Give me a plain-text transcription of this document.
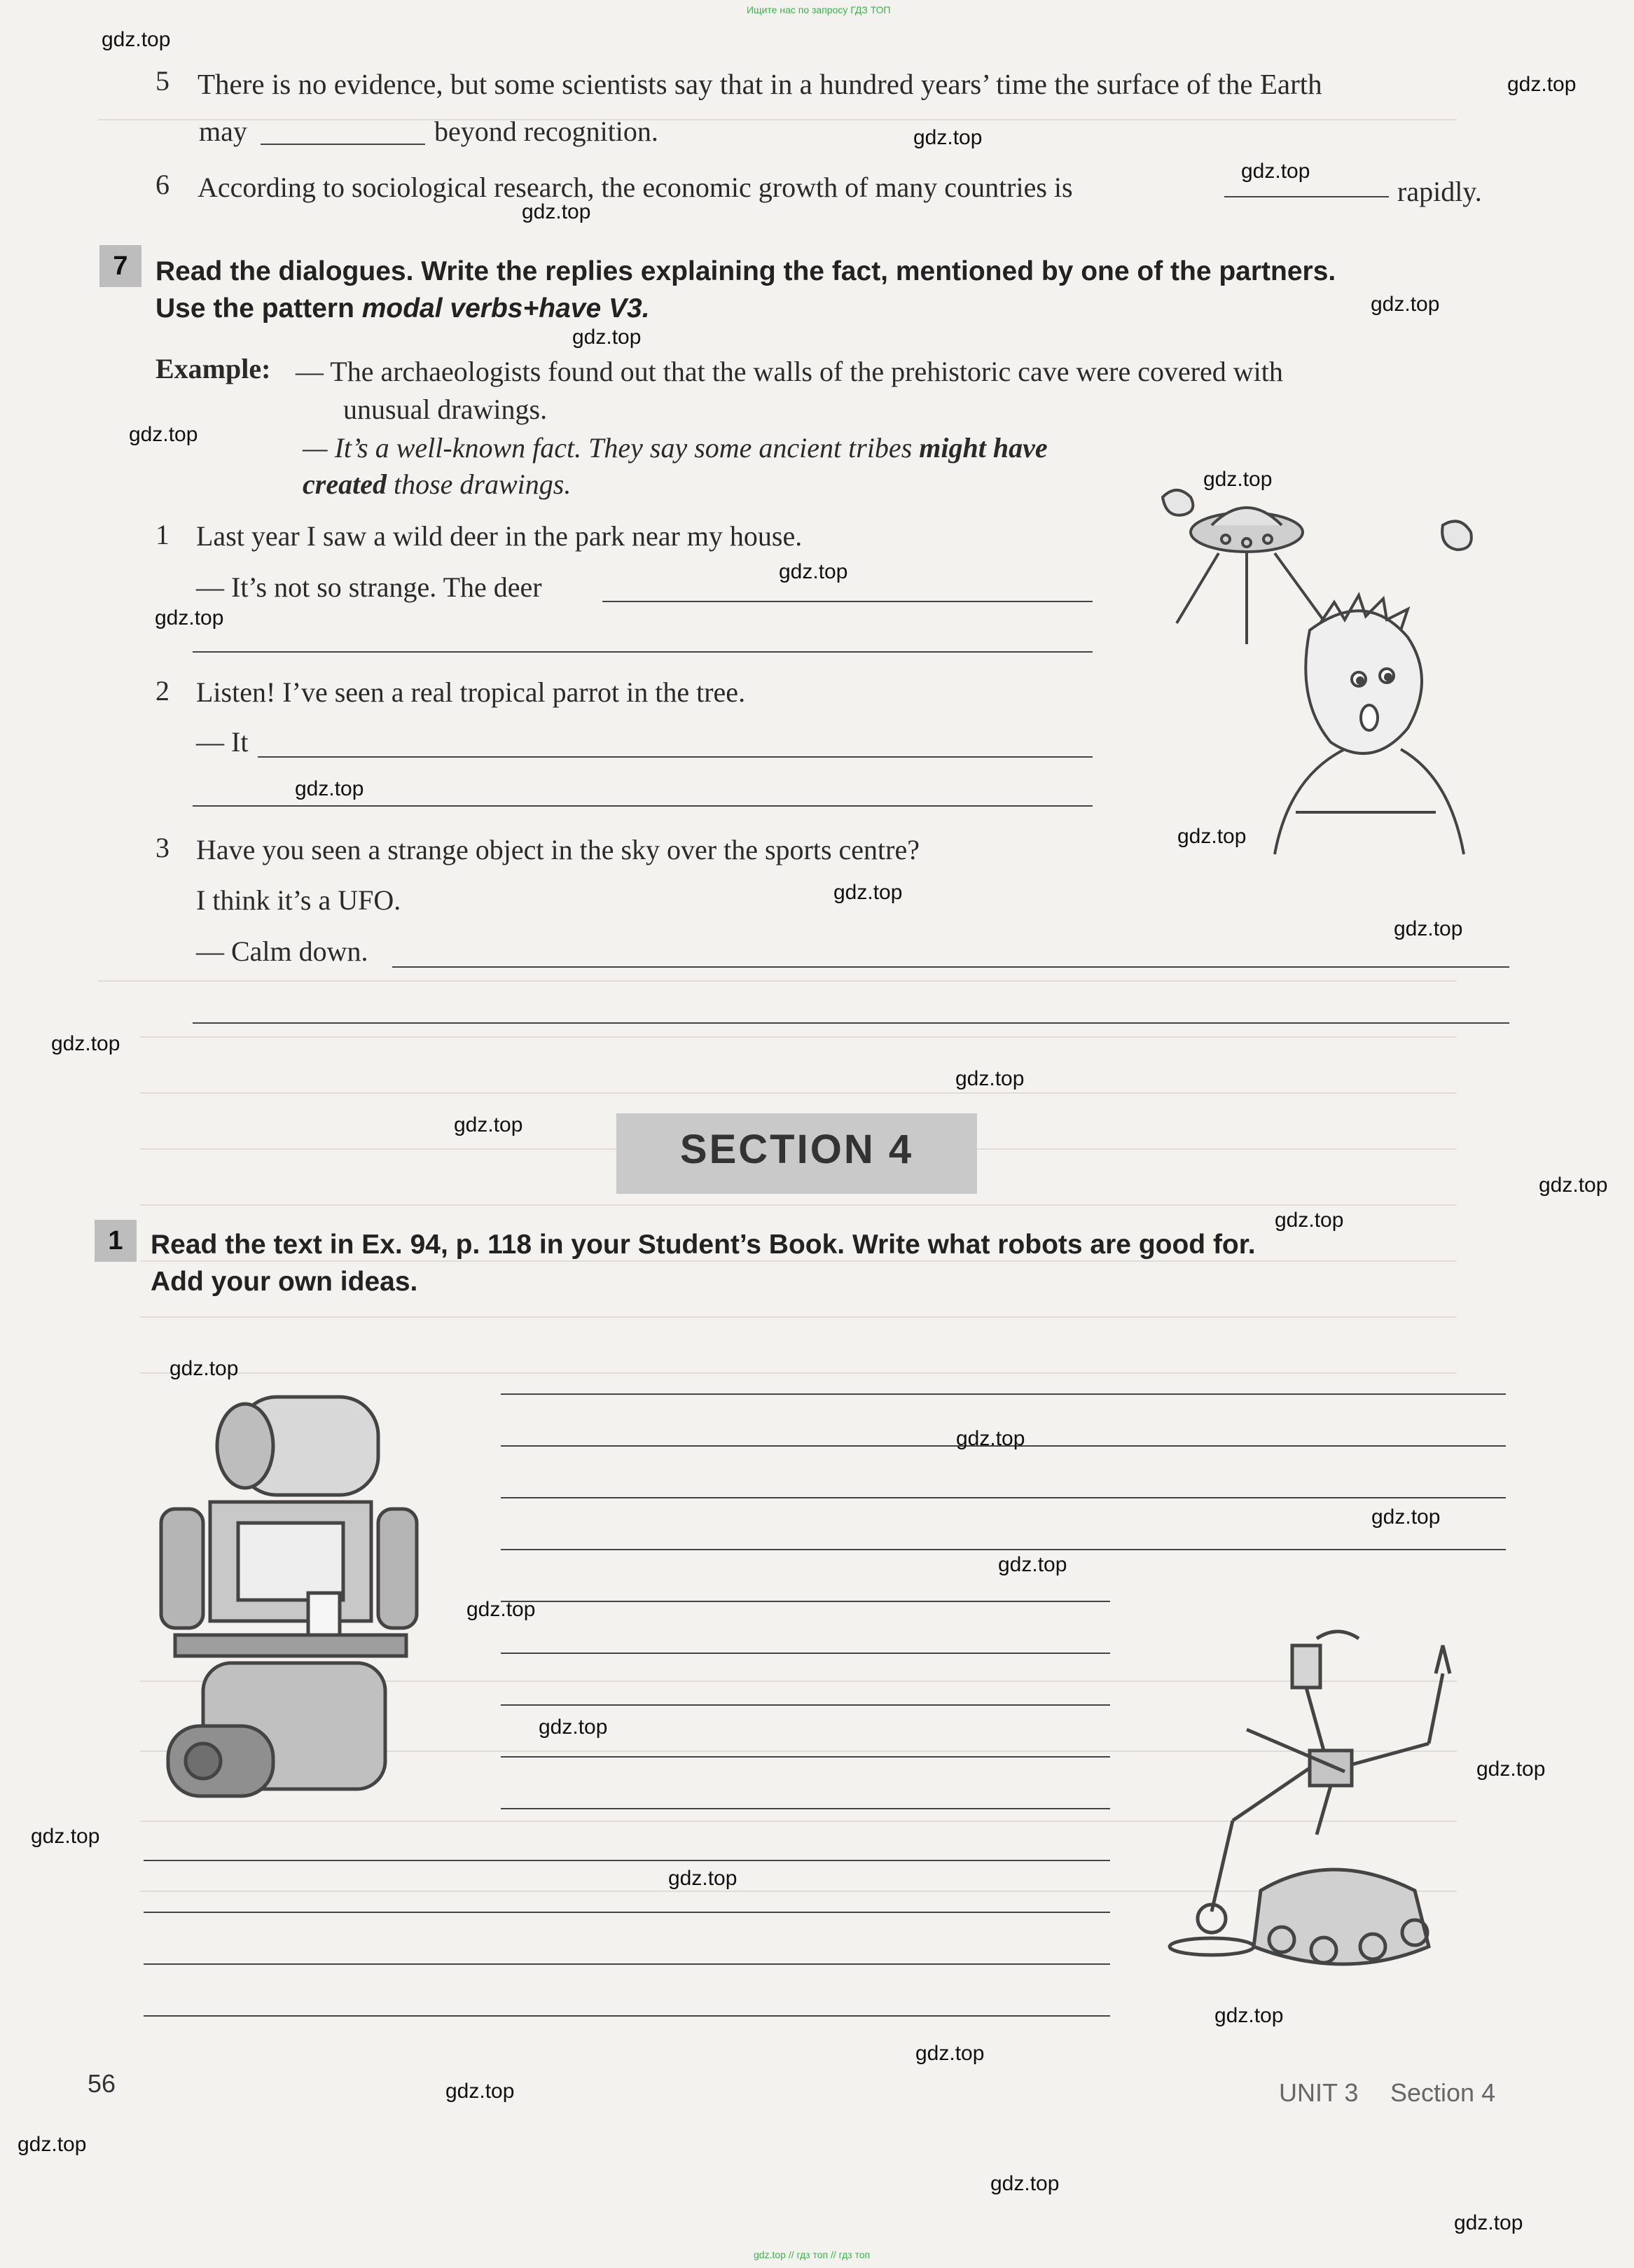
Ищите нас по запросу ГДЗ ТОП
gdz.top // гдз топ // гдз топ
5 There is no evidence, but some scientists say that in a hundred years’ time the surface of the Earth
may	beyond recognition.
6 According to sociological research, the economic growth of many countries is	rapidly.
7	Read the dialogues. Write the replies explaining the fact, mentioned by one of the partners.
Use the pattern modal verbs+have V3.
Example: — The archaeologists found out that the walls of the prehistoric cave were covered with
unusual drawings.
— It’s a well-known fact. They say some ancient tribes might have
created those drawings.
1 Last year I saw a wild deer in the park near my house.
— It’s not so strange. The deer
2 Listen! I’ve seen a real tropical parrot in the tree.
— It
3 Have you seen a strange object in the sky over the sports centre?
I think it’s a UFO.
— Calm down.
SECTION 4
1	Read the text in Ex. 94, p. 118 in your Student’s Book. Write what robots are good for.
Add your own ideas.
56	UNIT 3 Section 4
gdz.top
gdz.top
gdz.top
gdz.top
gdz.top
gdz.top
gdz.top
gdz.top
gdz.top
gdz.top
gdz.top
gdz.top
gdz.top
gdz.top
gdz.top
gdz.top
gdz.top
gdz.top
gdz.top
gdz.top
gdz.top
gdz.top
gdz.top
gdz.top
gdz.top
gdz.top
gdz.top
gdz.top
gdz.top
gdz.top
gdz.top
gdz.top
gdz.top
gdz.top
gdz.top
